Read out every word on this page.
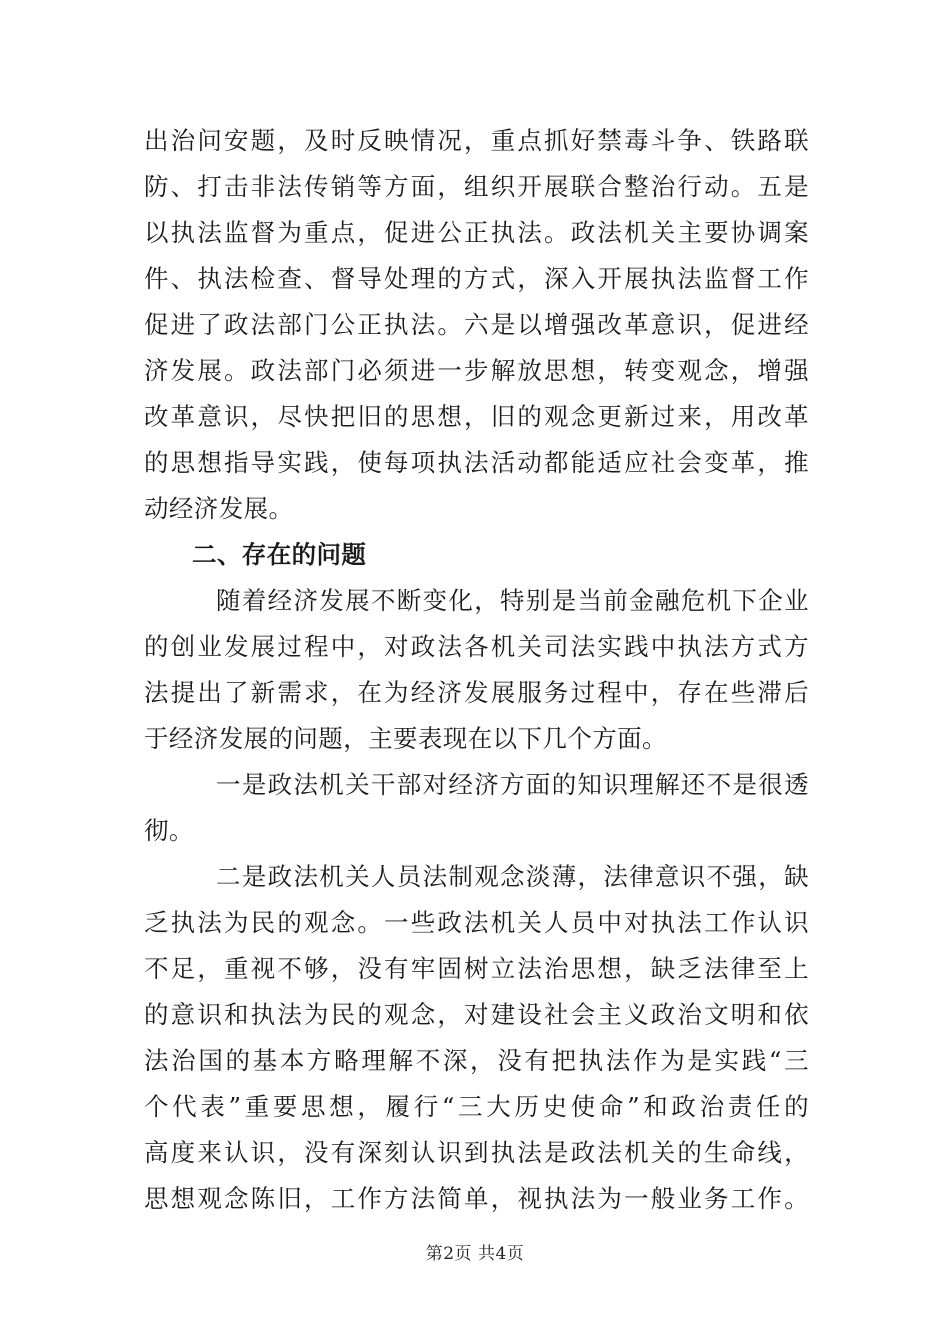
出治问安题，及时反映情况，重点抓好禁毒斗争、铁路联
防、打击非法传销等方面，组织开展联合整治行动。五是
以执法监督为重点，促进公正执法。政法机关主要协调案
件、执法检查、督导处理的方式，深入开展执法监督工作
促进了政法部门公正执法。六是以增强改革意识，促进经
济发展。政法部门必须进一步解放思想，转变观念，增强
改革意识，尽快把旧的思想，旧的观念更新过来，用改革
的思想指导实践，使每项执法活动都能适应社会变革，推
动经济发展。
二、存在的问题
随着经济发展不断变化，特别是当前金融危机下企业
的创业发展过程中，对政法各机关司法实践中执法方式方
法提出了新需求，在为经济发展服务过程中，存在些滞后
于经济发展的问题，主要表现在以下几个方面。
一是政法机关干部对经济方面的知识理解还不是很透
彻。
二是政法机关人员法制观念淡薄，法律意识不强，缺
乏执法为民的观念。一些政法机关人员中对执法工作认识
不足，重视不够，没有牢固树立法治思想，缺乏法律至上
的意识和执法为民的观念，对建设社会主义政治文明和依
法治国的基本方略理解不深，没有把执法作为是实践“三
个代表”重要思想，履行“三大历史使命”和政治责任的
高度来认识，没有深刻认识到执法是政法机关的生命线，
思想观念陈旧，工作方法简单，视执法为一般业务工作。
第2页 共4页
